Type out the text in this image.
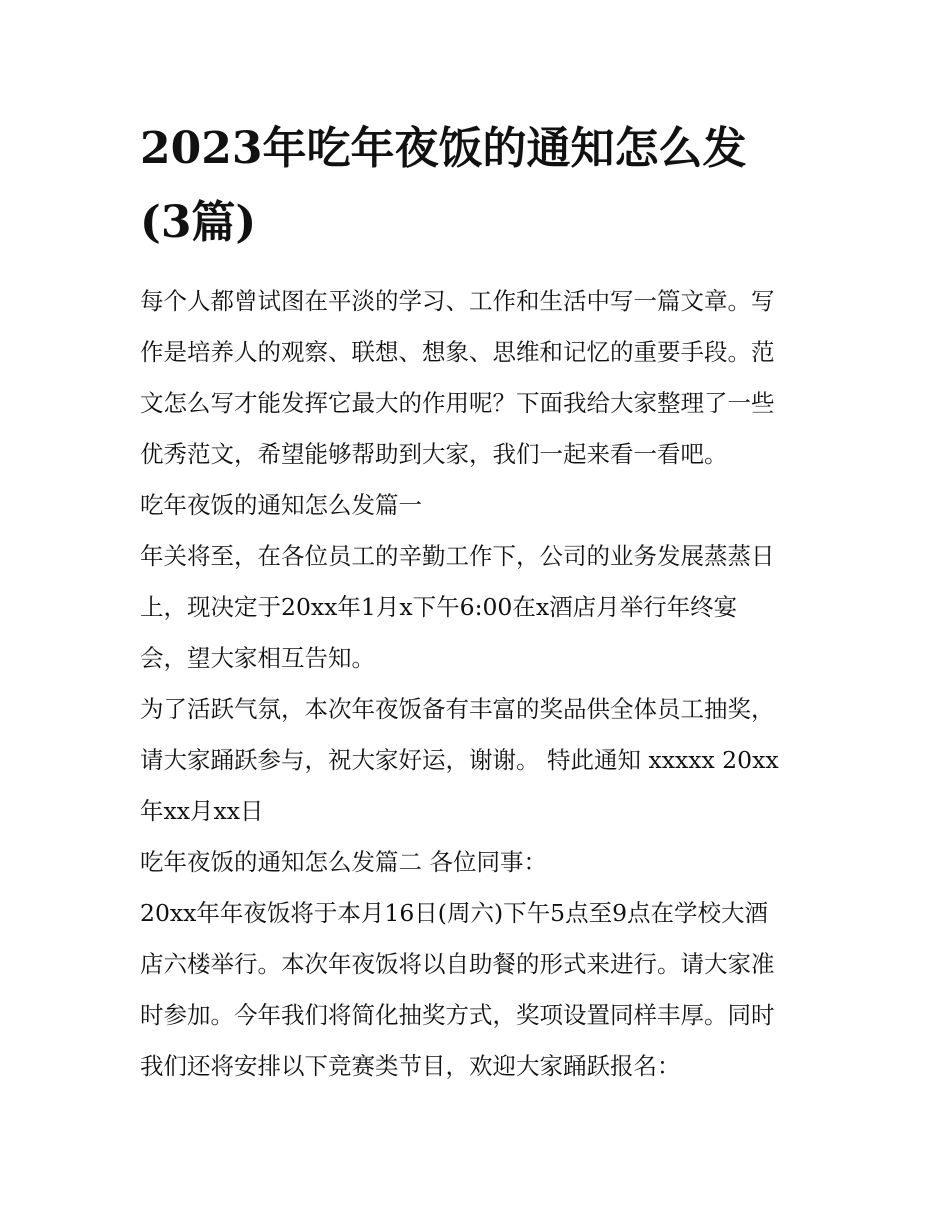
2023年吃年夜饭的通知怎么发
(3篇)
每个人都曾试图在平淡的学习、工作和生活中写一篇文章。写
作是培养人的观察、联想、想象、思维和记忆的重要手段。范
文怎么写才能发挥它最大的作用呢？下面我给大家整理了一些
优秀范文，希望能够帮助到大家，我们一起来看一看吧。
吃年夜饭的通知怎么发篇一
年关将至，在各位员工的辛勤工作下，公司的业务发展蒸蒸日
上，现决定于20xx年1月x下午6:00在x酒店月举行年终宴
会，望大家相互告知。
为了活跃气氛，本次年夜饭备有丰富的奖品供全体员工抽奖，
请大家踊跃参与，祝大家好运，谢谢。 特此通知 xxxxx 20xx
年xx月xx日
吃年夜饭的通知怎么发篇二 各位同事：
20xx年年夜饭将于本月16日(周六)下午5点至9点在学校大酒
店六楼举行。本次年夜饭将以自助餐的形式来进行。请大家准
时参加。今年我们将简化抽奖方式，奖项设置同样丰厚。同时
我们还将安排以下竞赛类节目，欢迎大家踊跃报名：
